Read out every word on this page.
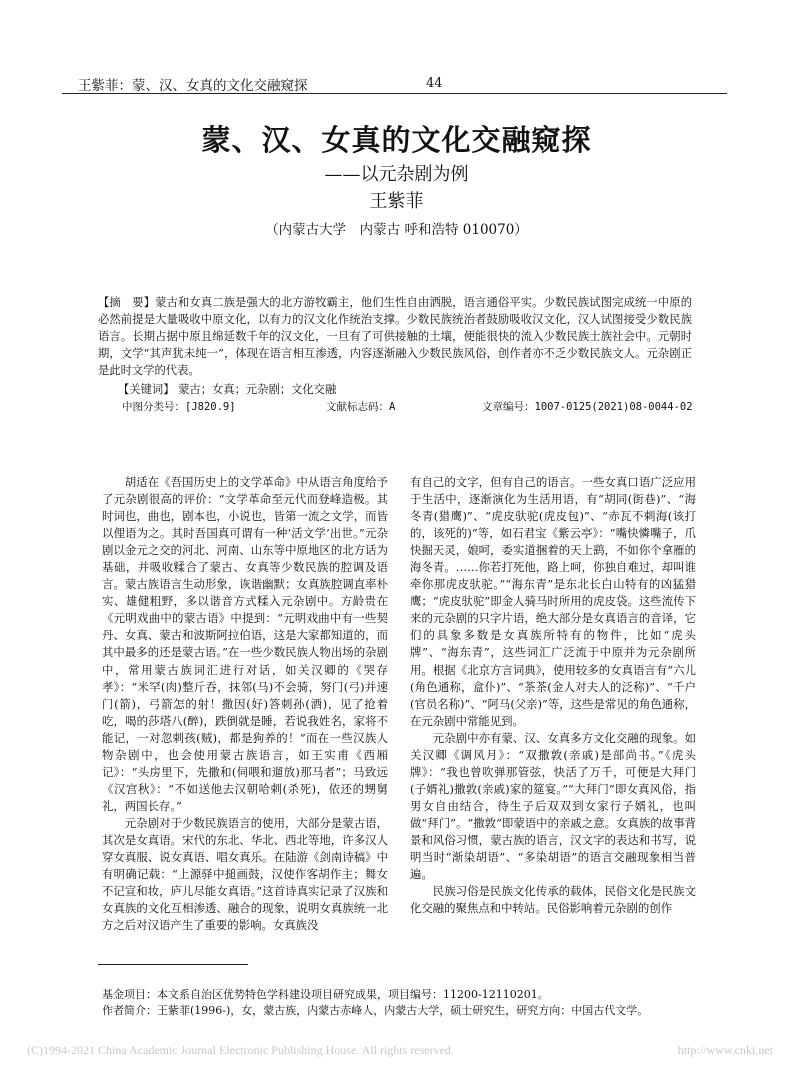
王紫菲：蒙、汉、女真的文化交融窥探	44
蒙、汉、女真的文化交融窥探
——以元杂剧为例
王紫菲
（内蒙古大学　内蒙古 呼和浩特 010070）
【摘　要】蒙古和女真二族是强大的北方游牧霸主，他们生性自由洒脱，语言通俗平实。少数民族试图完成统一中原的必然前提是大量吸收中原文化，以有力的汉文化作统治支撑。少数民族统治者鼓励吸收汉文化，汉人试图接受少数民族语言。长期占据中原且绵延数千年的汉文化，一旦有了可供接触的土壤，便能很快的流入少数民族士族社会中。元朝时期，文学“其声犹未纯一”，体现在语言相互渗透，内容逐渐融入少数民族风俗，创作者亦不乏少数民族文人。元杂剧正是此时文学的代表。
【关键词】 蒙古；女真；元杂剧；文化交融
中图分类号：[J820.9]	文献标志码：A	文章编号：1007-0125(2021)08-0044-02

胡适在《吾国历史上的文学革命》中从语言角度给予了元杂剧很高的评价：“文学革命至元代而登峰造极。其时词也，曲也，剧本也，小说也，皆第一流之文学，而皆以俚语为之。其时吾国真可谓有一种‘活文学’出世。”元杂剧以金元之交的河北、河南、山东等中原地区的北方话为基础，并吸收糅合了蒙古、女真等少数民族的腔调及语言。蒙古族语言生动形象，诙谐幽默；女真族腔调直率朴实、雄健粗野，多以谐音方式糅入元杂剧中。方龄贵在《元明戏曲中的蒙古语》中提到：“元明戏曲中有一些契丹、女真、蒙古和波斯阿拉伯语，这是大家都知道的，而其中最多的还是蒙古语。”在一些少数民族人物出场的杂剧中，常用蒙古族词汇进行对话，如关汉卿的《哭存孝》：“米罕(肉)整斤吞，抹邻(马)不会骑，努门(弓)并速门(箭)，弓箭怎的射！撒因(好)答刺孙(酒)，见了抢着吃，喝的莎塔八(醉)，跌倒就是睡，若说我姓名，家将不能记，一对忽剌孩(贼)，都是狗养的！”而在一些汉族人物杂剧中，也会使用蒙古族语言，如王实甫《西厢记》：“头房里下，先撒和(伺喂和遛放)那马者”；马致远《汉宫秋》：“不如送他去汉朝哈剌(杀死)，依还的甥舅礼，两国长存。”

元杂剧对于少数民族语言的使用，大部分是蒙古语，其次是女真语。宋代的东北、华北、西北等地，许多汉人穿女真服、说女真语、唱女真乐。在陆游《剑南诗稿》中有明确记载：“上源驿中搥画鼓，汉使作客胡作主；舞女不记宣和妆，庐儿尽能女真语。”这首诗真实记录了汉族和女真族的文化互相渗透、融合的现象，说明女真族统一北方之后对汉语产生了重要的影响。女真族没

有自己的文字，但有自己的语言。一些女真口语广泛应用于生活中，逐渐演化为生活用语，有“胡同(街巷)”、“海冬青(猎鹰)”、“虎皮驮驼(虎皮包)”、“赤瓦不剌海(该打的，该死的)”等，如石君宝《紫云亭》：“嘴快憐嘴子，爪快掘天灵，娘呵，委实道捆着的天上鹞，不如你个拿雁的海冬青。……你若打死他，路上呵，你独自难过，却叫谁牵你那虎皮驮驼。”“海东青”是东北长白山特有的凶猛猎鹰；“虎皮驮驼”即金人骑马时所用的虎皮袋。这些流传下来的元杂剧的只字片语，绝大部分是女真语言的音译，它们的具象多数是女真族所特有的物件，比如“虎头牌”、“海东青”，这些词汇广泛流于中原并为元杂剧所用。根据《北京方言词典》，使用较多的女真语言有“六儿(角色通称，盒仆)”、“茶茶(金人对夫人的泛称)”、“千户(官员名称)”、“阿马(父亲)”等，这些是常见的角色通称，在元杂剧中常能见到。

元杂剧中亦有蒙、汉、女真多方文化交融的现象。如关汉卿《调风月》：“双撒敦(亲戚)是部尚书。”《虎头牌》：“我也曾吹弹那管弦，快活了万千，可便是大拜门(子婿礼)撒敦(亲戚)家的筵宴。”“大拜门”即女真风俗，指男女自由结合，待生子后双双到女家行子婿礼，也叫做“拜门”。“撒敦”即蒙语中的亲戚之意。女真族的故事背景和风俗习惯，蒙古族的语言，汉文字的表达和书写，说明当时“渐染胡语”、“多染胡语”的语言交融现象相当普遍。

民族习俗是民族文化传承的载体，民俗文化是民族文化交融的聚焦点和中转站。民俗影响着元杂剧的创作

基金项目：本文系自治区优势特色学科建设项目研究成果，项目编号：11200-12110201。
作者简介：王紫菲(1996-)，女，蒙古族，内蒙古赤峰人，内蒙古大学，硕士研究生，研究方向：中国古代文学。
(C)1994-2021 China Academic Journal Electronic Publishing House. All rights reserved.	http://www.cnki.net
